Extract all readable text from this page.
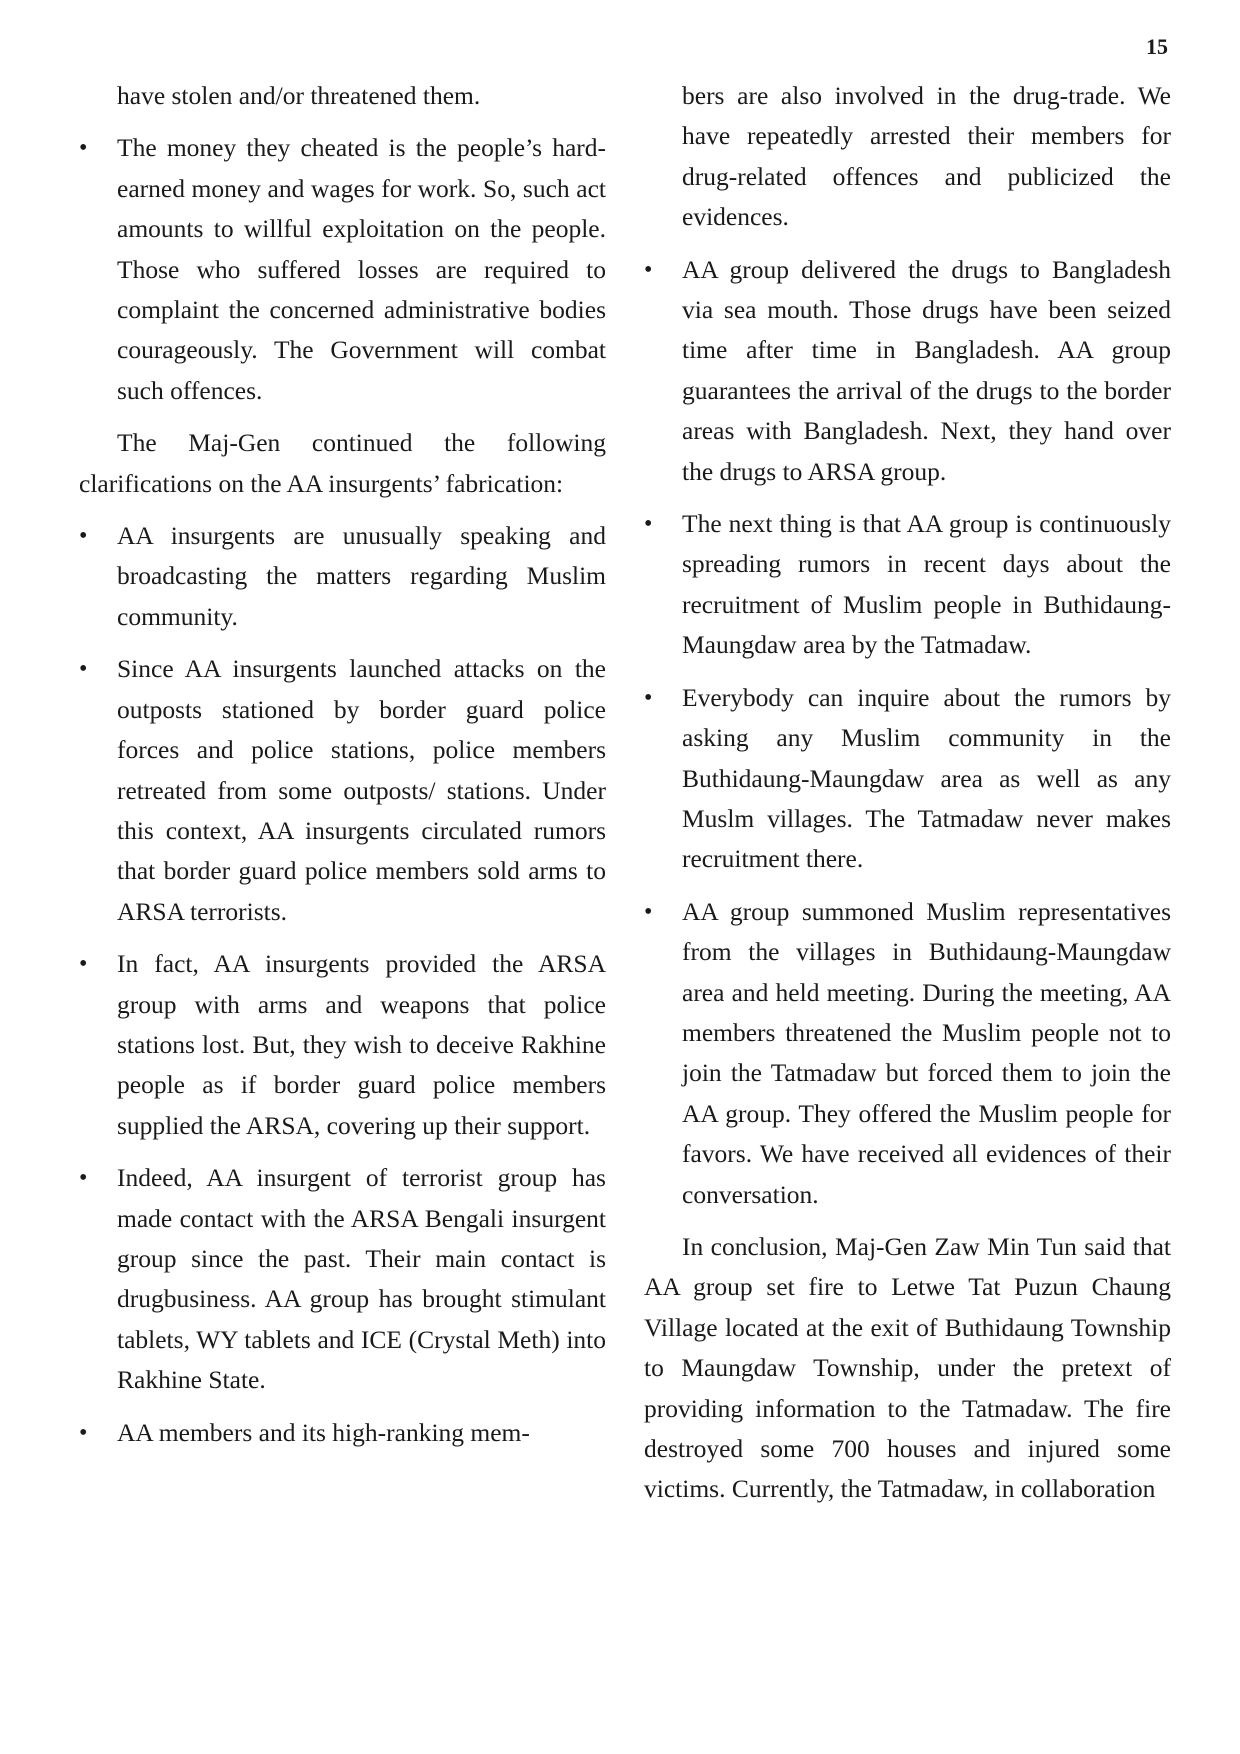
15

have stolen and/or threatened them.

• The money they cheated is the people’s hard-earned money and wages for work. So, such act amounts to willful exploitation on the people. Those who suffered losses are required to complaint the concerned administrative bodies courageously. The Government will combat such offences.

The Maj-Gen continued the following clarifications on the AA insurgents’ fabrication:

• AA insurgents are unusually speaking and broadcasting the matters regarding Muslim community.
• Since AA insurgents launched attacks on the outposts stationed by border guard police forces and police stations, police members retreated from some outposts/ stations. Under this context, AA insurgents circulated rumors that border guard police members sold arms to ARSA terrorists.
• In fact, AA insurgents provided the ARSA group with arms and weapons that police stations lost. But, they wish to deceive Rakhine people as if border guard police members supplied the ARSA, covering up their support.
• Indeed, AA insurgent of terrorist group has made contact with the ARSA Bengali insurgent group since the past. Their main contact is drugbusiness. AA group has brought stimulant tablets, WY tablets and ICE (Crystal Meth) into Rakhine State.
• AA members and its high-ranking mem-

bers are also involved in the drug-trade. We have repeatedly arrested their members for drug-related offences and publicized the evidences.

• AA group delivered the drugs to Bangladesh via sea mouth. Those drugs have been seized time after time in Bangladesh. AA group guarantees the arrival of the drugs to the border areas with Bangladesh. Next, they hand over the drugs to ARSA group.
• The next thing is that AA group is continuously spreading rumors in recent days about the recruitment of Muslim people in Buthidaung-Maungdaw area by the Tatmadaw.
• Everybody can inquire about the rumors by asking any Muslim community in the Buthidaung-Maungdaw area as well as any Muslm villages. The Tatmadaw never makes recruitment there.
• AA group summoned Muslim representatives from the villages in Buthidaung-Maungdaw area and held meeting. During the meeting, AA members threatened the Muslim people not to join the Tatmadaw but forced them to join the AA group. They offered the Muslim people for favors. We have received all evidences of their conversation.

In conclusion, Maj-Gen Zaw Min Tun said that AA group set fire to Letwe Tat Puzun Chaung Village located at the exit of Buthidaung Township to Maungdaw Township, under the pretext of providing information to the Tatmadaw. The fire destroyed some 700 houses and injured some victims. Currently, the Tatmadaw, in collaboration
